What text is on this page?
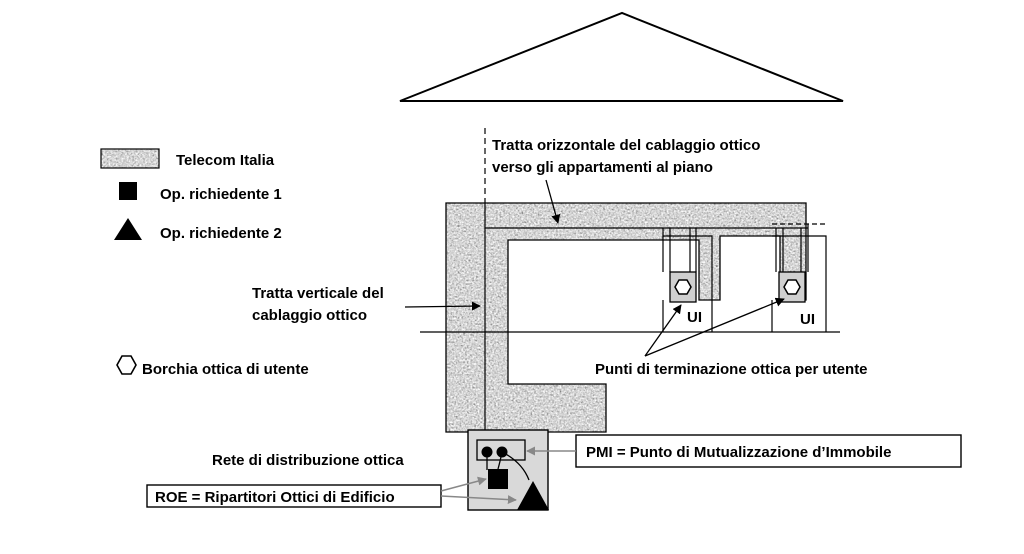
Telecom Italia
Op. richiedente 1
Op. richiedente 2
Borchia ottica di utente
UI	UI
Tratta orizzontale del cablaggio ottico
verso gli appartamenti al piano
Tratta verticale del
cablaggio ottico
Punti di terminazione ottica per utente
Rete di distribuzione ottica	PMI = Punto di Mutualizzazione d’Immobile
ROE = Ripartitori Ottici di Edificio
